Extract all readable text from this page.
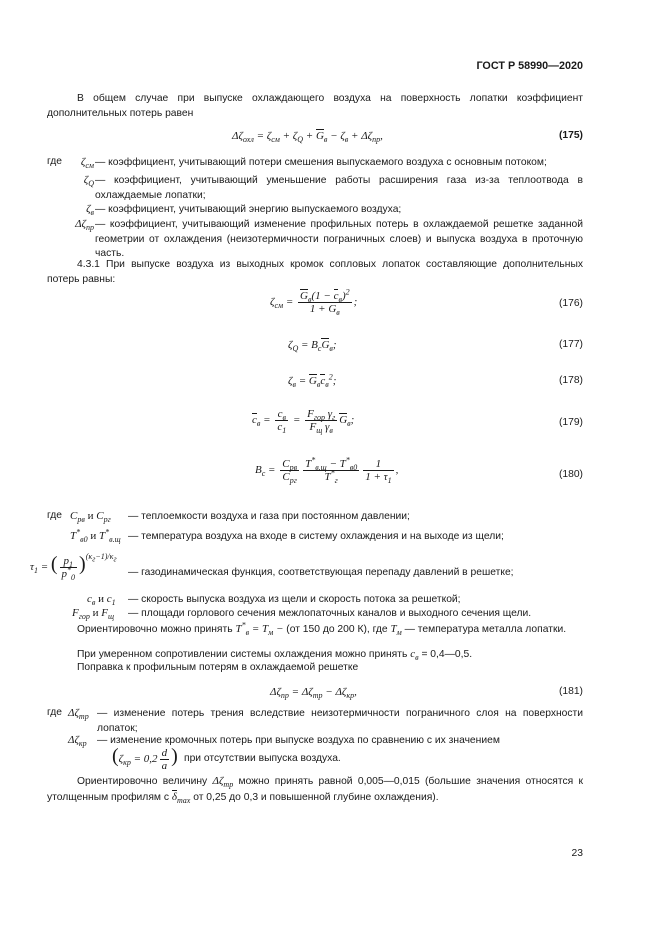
ГОСТ Р 58990—2020
В общем случае при выпуске охлаждающего воздуха на поверхность лопатки коэффициент дополнительных потерь равен
$\Delta\zeta_{охл} = \zeta_{см} + \zeta_Q + G_в - \zeta_в + \Delta\zeta_{пр}$,	(175)
где	$\zeta_{см}$ — коэффициент, учитывающий потери смешения выпускаемого воздуха с основным потоком;
$\zeta_Q$ — коэффициент, учитывающий уменьшение работы расширения газа из-за теплоотвода в охлаждаемые лопатки;
$\zeta_в$ — коэффициент, учитывающий энергию выпускаемого воздуха;
$\Delta\zeta_{пр}$ — коэффициент, учитывающий изменение профильных потерь в охлаждаемой решетке заданной геометрии от охлаждения (неизотермичности пограничных слоев) и выпуска воздуха в проточную часть.
4.3.1 При выпуске воздуха из выходных кромок сопловых лопаток составляющие дополнительных потерь равны:
$\zeta_{см}$ =
$G_в(1 - c_в)^2$
$1 + G_в$
;	(176)
$\zeta_Q = B_cG_в$;	(177)
$\zeta_в = G_вc_в^2$;	(178)
$c_в$ =
$c_в$
$c_1$
=
$F_{гор}$ $\gamma_г$
$F_щ$ $\gamma_в$
$G_в$;	(179)
$B_c$ =
$C_{pв}$
$C_{pг}$
$T^*_{в.щ} - T^*_{в0}$
$T^*_г$	$\frac{1}{1 + \tau_1}$ ,	(180)
где $C_{pв}$ и $C_{pг}$ — теплоемкости воздуха и газа при постоянном давлении;
$T^*_{в0}$ и $T^*_{в.щ}$ — температура воздуха на входе в систему охлаждения и на выходе из щели;
$\tau_1$ = ( $\frac{p_1}{p^*_0} )^{(\kappa_г-1)/\kappa_г}$
— газодинамическая функция, соответствующая перепаду давлений в решетке;
$c_в$ и $c_1$ — скорость выпуска воздуха из щели и скорость потока за решеткой;
$F_{гор}$ и $F_щ$ — площади горлового сечения межлопаточных каналов и выходного сечения щели.
Ориентировочно можно принять $T^*_в = T_м - (от$ 150 до 200 К), где $T_м$ — температура металла лопатки.
При умеренном сопротивлении системы охлаждения можно принять $c_в$ = 0,4—0,5.
Поправка к профильным потерям в охлаждаемой решетке
$\Delta\zeta_{пр} = \Delta\zeta_{тр} - \Delta\zeta_{кр}$,	(181)
где $\Delta\zeta_{тр}$ — изменение потерь трения вследствие неизотермичности пограничного слоя на поверхности лопаток;
$\Delta\zeta_{кр}$ — изменение кромочных потерь при выпуске воздуха по сравнению с их значением
($\zeta_{кр} = 0,2 \frac{d}{a}$ ) при отсутствии выпуска воздуха.
Ориентировочно величину $\Delta\zeta_{тр}$ можно принять равной 0,005—0,015 (большие значения относятся к утолщенным профилям с $\delta_{max}$ от 0,25 до 0,3 и повышенной глубине охлаждения).
23
